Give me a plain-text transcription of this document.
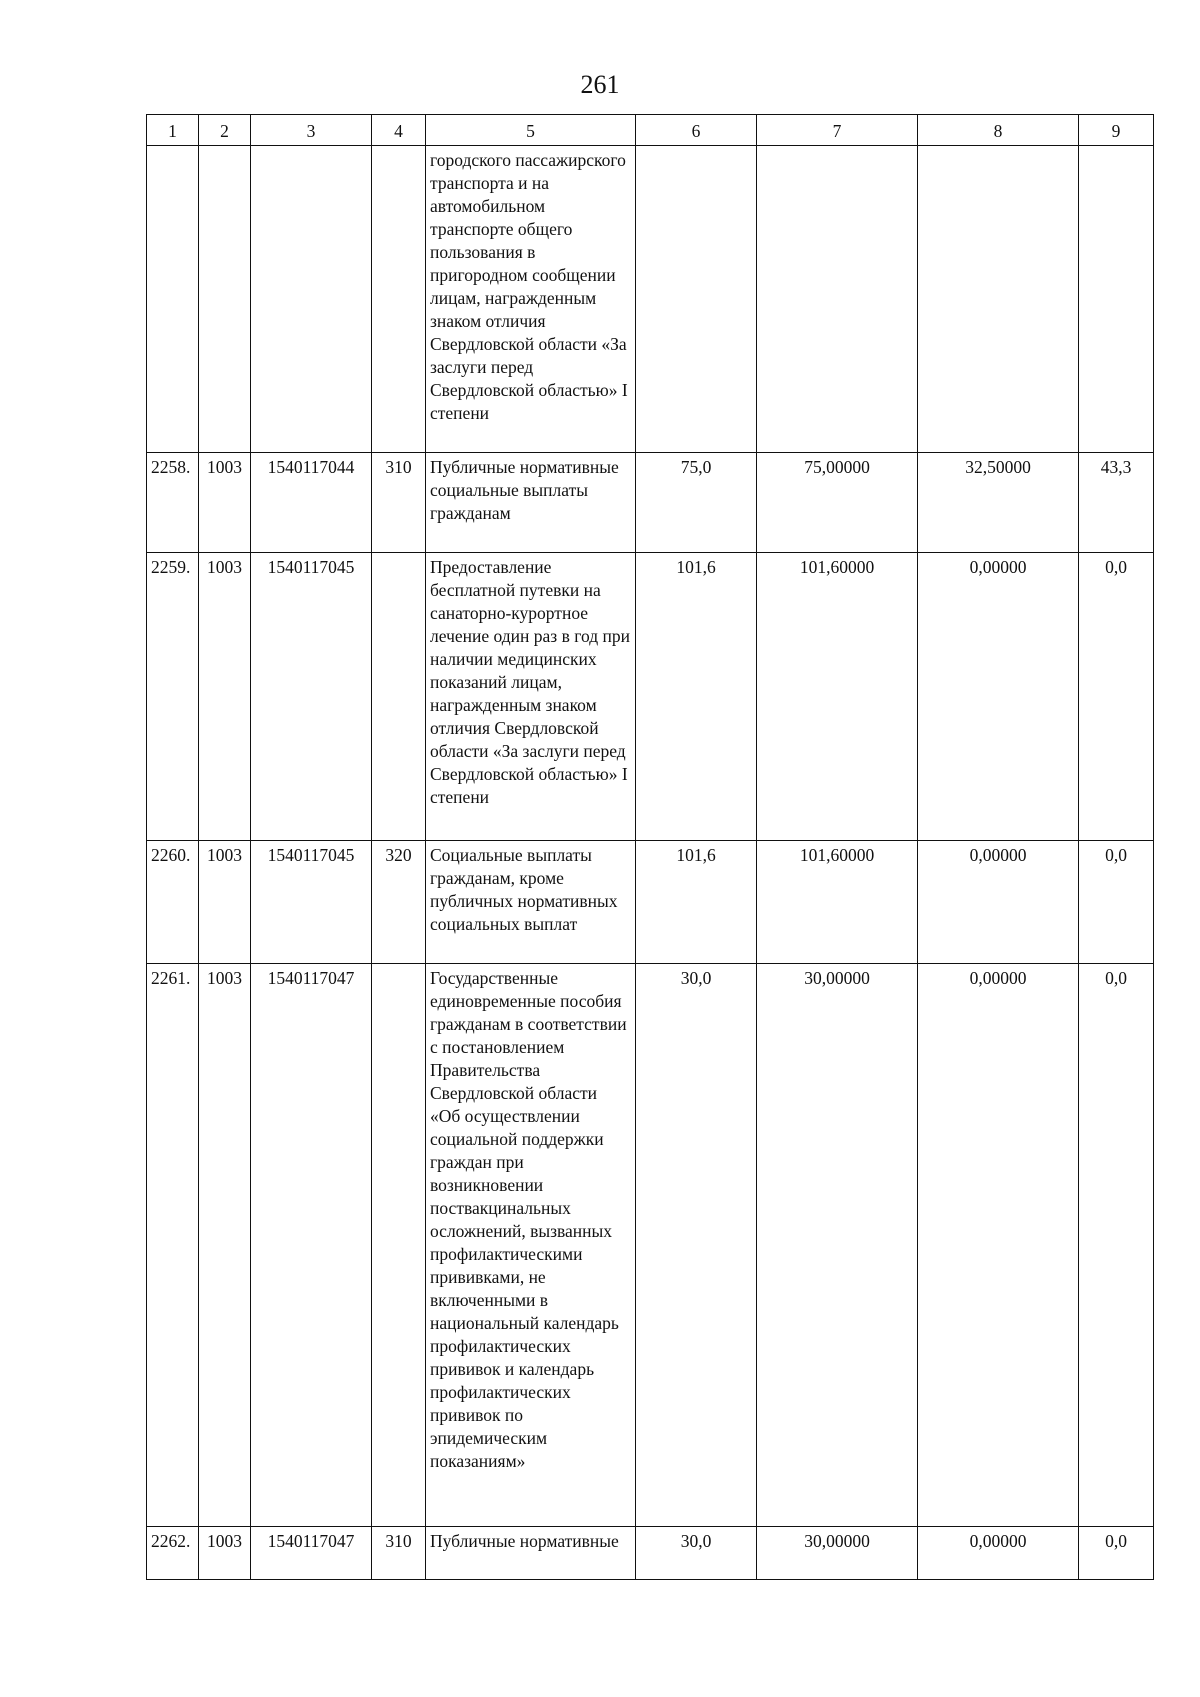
261
1	2	3	4	5	6	7	8	9
				городского пассажирского транспорта и на автомобильном транспорте общего пользования в пригородном сообщении лицам, награжденным знаком отличия Свердловской области «За заслуги перед Свердловской областью» I степени				
2258.	1003	1540117044	310	Публичные нормативные социальные выплаты гражданам	75,0	75,00000	32,50000	43,3
2259.	1003	1540117045		Предоставление бесплатной путевки на санаторно-курортное лечение один раз в год при наличии медицинских показаний лицам, награжденным знаком отличия Свердловской области «За заслуги перед Свердловской областью» I степени	101,6	101,60000	0,00000	0,0
2260.	1003	1540117045	320	Социальные выплаты гражданам, кроме публичных нормативных социальных выплат	101,6	101,60000	0,00000	0,0
2261.	1003	1540117047		Государственные единовременные пособия гражданам в соответствии с постановлением Правительства Свердловской области «Об осуществлении социальной поддержки граждан при возникновении поствакцинальных осложнений, вызванных профилактическими прививками, не включенными в национальный календарь профилактических прививок и календарь профилактических прививок по эпидемическим показаниям»	30,0	30,00000	0,00000	0,0
2262.	1003	1540117047	310	Публичные нормативные	30,0	30,00000	0,00000	0,0
